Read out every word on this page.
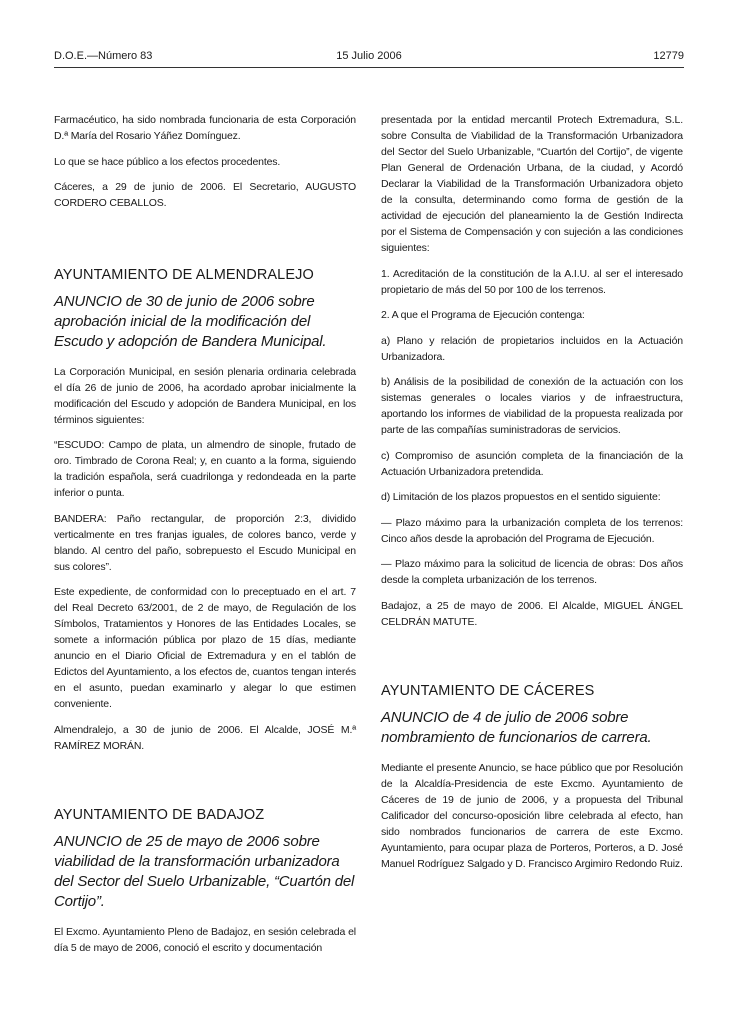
D.O.E.—Número 83	15 Julio 2006	12779

Farmacéutico, ha sido nombrada funcionaria de esta Corporación D.ª María del Rosario Yáñez Domínguez.

Lo que se hace público a los efectos procedentes.

Cáceres, a 29 de junio de 2006. El Secretario, AUGUSTO CORDERO CEBALLOS.

AYUNTAMIENTO DE ALMENDRALEJO
ANUNCIO de 30 de junio de 2006 sobre aprobación inicial de la modificación del Escudo y adopción de Bandera Municipal.

La Corporación Municipal, en sesión plenaria ordinaria celebrada el día 26 de junio de 2006, ha acordado aprobar inicialmente la modificación del Escudo y adopción de Bandera Municipal, en los términos siguientes:

“ESCUDO: Campo de plata, un almendro de sinople, frutado de oro. Timbrado de Corona Real; y, en cuanto a la forma, siguiendo la tradición española, será cuadrilonga y redondeada en la parte inferior o punta.

BANDERA: Paño rectangular, de proporción 2:3, dividido verticalmente en tres franjas iguales, de colores banco, verde y blando. Al centro del paño, sobrepuesto el Escudo Municipal en sus colores”.

Este expediente, de conformidad con lo preceptuado en el art. 7 del Real Decreto 63/2001, de 2 de mayo, de Regulación de los Símbolos, Tratamientos y Honores de las Entidades Locales, se somete a información pública por plazo de 15 días, mediante anuncio en el Diario Oficial de Extremadura y en el tablón de Edictos del Ayuntamiento, a los efectos de, cuantos tengan interés en el asunto, puedan examinarlo y alegar lo que estimen conveniente.

Almendralejo, a 30 de junio de 2006. El Alcalde, JOSÉ M.ª RAMÍREZ MORÁN.

AYUNTAMIENTO DE BADAJOZ
ANUNCIO de 25 de mayo de 2006 sobre viabilidad de la transformación urbanizadora del Sector del Suelo Urbanizable, “Cuartón del Cortijo”.

El Excmo. Ayuntamiento Pleno de Badajoz, en sesión celebrada el día 5 de mayo de 2006, conoció el escrito y documentación

presentada por la entidad mercantil Protech Extremadura, S.L. sobre Consulta de Viabilidad de la Transformación Urbanizadora del Sector del Suelo Urbanizable, “Cuartón del Cortijo”, de vigente Plan General de Ordenación Urbana, de la ciudad, y Acordó Declarar la Viabilidad de la Transformación Urbanizadora objeto de la consulta, determinando como forma de gestión de la actividad de ejecución del planeamiento la de Gestión Indirecta por el Sistema de Compensación y con sujeción a las condiciones siguientes:

1. Acreditación de la constitución de la A.I.U. al ser el interesado propietario de más del 50 por 100 de los terrenos.

2. A que el Programa de Ejecución contenga:

a) Plano y relación de propietarios incluidos en la Actuación Urbanizadora.

b) Análisis de la posibilidad de conexión de la actuación con los sistemas generales o locales viarios y de infraestructura, aportando los informes de viabilidad de la propuesta realizada por parte de las compañías suministradoras de servicios.

c) Compromiso de asunción completa de la financiación de la Actuación Urbanizadora pretendida.

d) Limitación de los plazos propuestos en el sentido siguiente:

— Plazo máximo para la urbanización completa de los terrenos: Cinco años desde la aprobación del Programa de Ejecución.

— Plazo máximo para la solicitud de licencia de obras: Dos años desde la completa urbanización de los terrenos.

Badajoz, a 25 de mayo de 2006. El Alcalde, MIGUEL ÁNGEL CELDRÁN MATUTE.

AYUNTAMIENTO DE CÁCERES
ANUNCIO de 4 de julio de 2006 sobre nombramiento de funcionarios de carrera.

Mediante el presente Anuncio, se hace público que por Resolución de la Alcaldía-Presidencia de este Excmo. Ayuntamiento de Cáceres de 19 de junio de 2006, y a propuesta del Tribunal Calificador del concurso-oposición libre celebrada al efecto, han sido nombrados funcionarios de carrera de este Excmo. Ayuntamiento, para ocupar plaza de Porteros, Porteros, a D. José Manuel Rodríguez Salgado y D. Francisco Argimiro Redondo Ruiz.
